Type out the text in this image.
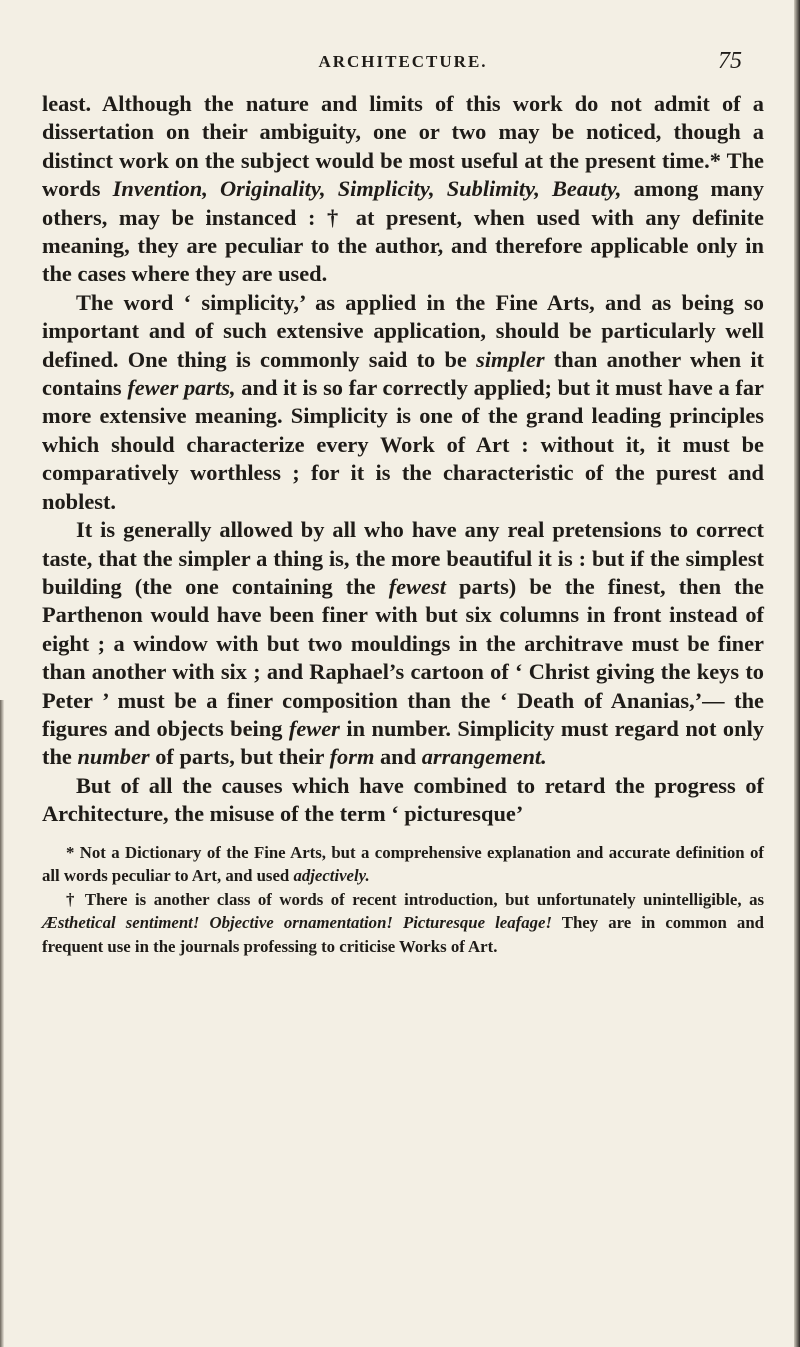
ARCHITECTURE.	75

least. Although the nature and limits of this work do not admit of a dissertation on their ambiguity, one or two may be noticed, though a distinct work on the subject would be most useful at the present time.* The words Invention, Originality, Simplicity, Sublimity, Beauty, among many others, may be instanced : † at present, when used with any definite meaning, they are peculiar to the author, and therefore applicable only in the cases where they are used.

The word ‘ simplicity,’ as applied in the Fine Arts, and as being so important and of such extensive application, should be particularly well defined. One thing is commonly said to be simpler than another when it contains fewer parts, and it is so far correctly applied; but it must have a far more extensive meaning. Simplicity is one of the grand leading principles which should characterize every Work of Art : without it, it must be comparatively worthless ; for it is the characteristic of the purest and noblest.

It is generally allowed by all who have any real pretensions to correct taste, that the simpler a thing is, the more beautiful it is : but if the simplest building (the one containing the fewest parts) be the finest, then the Parthenon would have been finer with but six columns in front instead of eight ; a window with but two mouldings in the architrave must be finer than another with six ; and Raphael’s cartoon of ‘ Christ giving the keys to Peter ’ must be a finer composition than the ‘ Death of Ananias,’— the figures and objects being fewer in number. Simplicity must regard not only the number of parts, but their form and arrangement.

But of all the causes which have combined to retard the progress of Architecture, the misuse of the term ‘ picturesque’

* Not a Dictionary of the Fine Arts, but a comprehensive explanation and accurate definition of all words peculiar to Art, and used adjectively.

† There is another class of words of recent introduction, but unfortunately unintelligible, as Æsthetical sentiment! Objective ornamentation! Picturesque leafage! They are in common and frequent use in the journals professing to criticise Works of Art.
